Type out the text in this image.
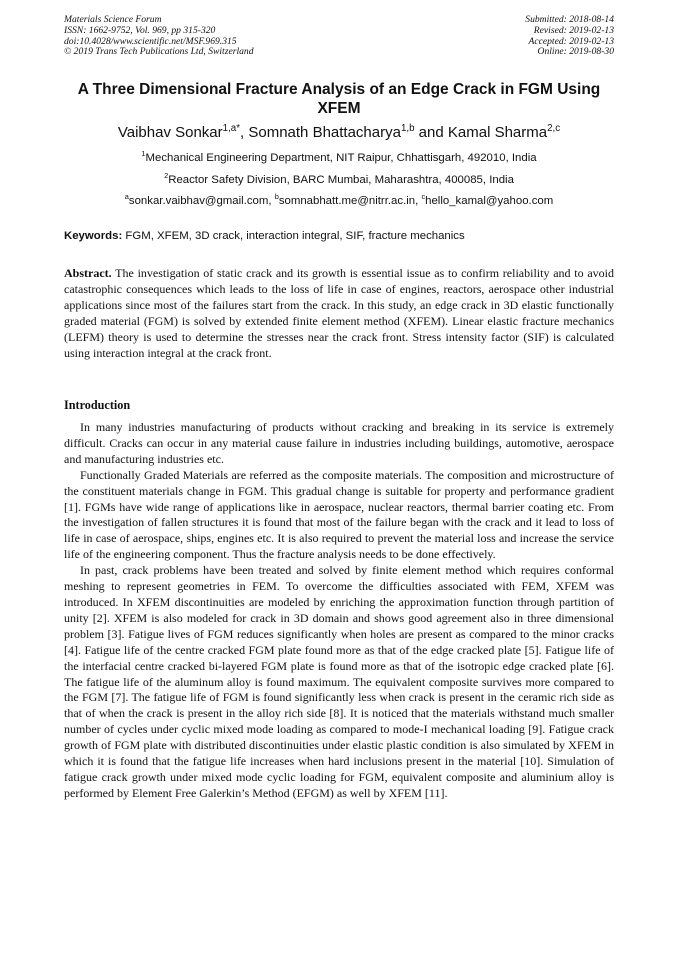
Materials Science Forum
ISSN: 1662-9752, Vol. 969, pp 315-320
doi:10.4028/www.scientific.net/MSF.969.315
© 2019 Trans Tech Publications Ltd, Switzerland
Submitted: 2018-08-14
Revised: 2019-02-13
Accepted: 2019-02-13
Online: 2019-08-30
A Three Dimensional Fracture Analysis of an Edge Crack in FGM Using XFEM
Vaibhav Sonkar$^{1,a*}$, Somnath Bhattacharya$^{1,b}$ and Kamal Sharma$^{2,c}$
$^1$Mechanical Engineering Department, NIT Raipur, Chhattisgarh, 492010, India
$^2$Reactor Safety Division, BARC Mumbai, Maharashtra, 400085, India
$^a$sonkar.vaibhav@gmail.com, $^b$somnabhatt.me@nitrr.ac.in, $^c$hello_kamal@yahoo.com
Keywords: FGM, XFEM, 3D crack, interaction integral, SIF, fracture mechanics

Abstract. The investigation of static crack and its growth is essential issue as to confirm reliability and to avoid catastrophic consequences which leads to the loss of life in case of engines, reactors, aerospace other industrial applications since most of the failures start from the crack. In this study, an edge crack in 3D elastic functionally graded material (FGM) is solved by extended finite element method (XFEM). Linear elastic fracture mechanics (LEFM) theory is used to determine the stresses near the crack front. Stress intensity factor (SIF) is calculated using interaction integral at the crack front.

Introduction

In many industries manufacturing of products without cracking and breaking in its service is extremely difficult. Cracks can occur in any material cause failure in industries including buildings, automotive, aerospace and manufacturing industries etc.

Functionally Graded Materials are referred as the composite materials. The composition and microstructure of the constituent materials change in FGM. This gradual change is suitable for property and performance gradient [1]. FGMs have wide range of applications like in aerospace, nuclear reactors, thermal barrier coating etc. From the investigation of fallen structures it is found that most of the failure began with the crack and it lead to loss of life in case of aerospace, ships, engines etc. It is also required to prevent the material loss and increase the service life of the engineering component. Thus the fracture analysis needs to be done effectively.

In past, crack problems have been treated and solved by finite element method which requires conformal meshing to represent geometries in FEM. To overcome the difficulties associated with FEM, XFEM was introduced. In XFEM discontinuities are modeled by enriching the approximation function through partition of unity [2]. XFEM is also modeled for crack in 3D domain and shows good agreement also in three dimensional problem [3]. Fatigue lives of FGM reduces significantly when holes are present as compared to the minor cracks [4]. Fatigue life of the centre cracked FGM plate found more as that of the edge cracked plate [5]. Fatigue life of the interfacial centre cracked bi-layered FGM plate is found more as that of the isotropic edge cracked plate [6]. The fatigue life of the aluminum alloy is found maximum. The equivalent composite survives more compared to the FGM [7]. The fatigue life of FGM is found significantly less when crack is present in the ceramic rich side as that of when the crack is present in the alloy rich side [8]. It is noticed that the materials withstand much smaller number of cycles under cyclic mixed mode loading as compared to mode-I mechanical loading [9]. Fatigue crack growth of FGM plate with distributed discontinuities under elastic plastic condition is also simulated by XFEM in which it is found that the fatigue life increases when hard inclusions present in the material [10]. Simulation of fatigue crack growth under mixed mode cyclic loading for FGM, equivalent composite and aluminium alloy is performed by Element Free Galerkin’s Method (EFGM) as well by XFEM [11].
